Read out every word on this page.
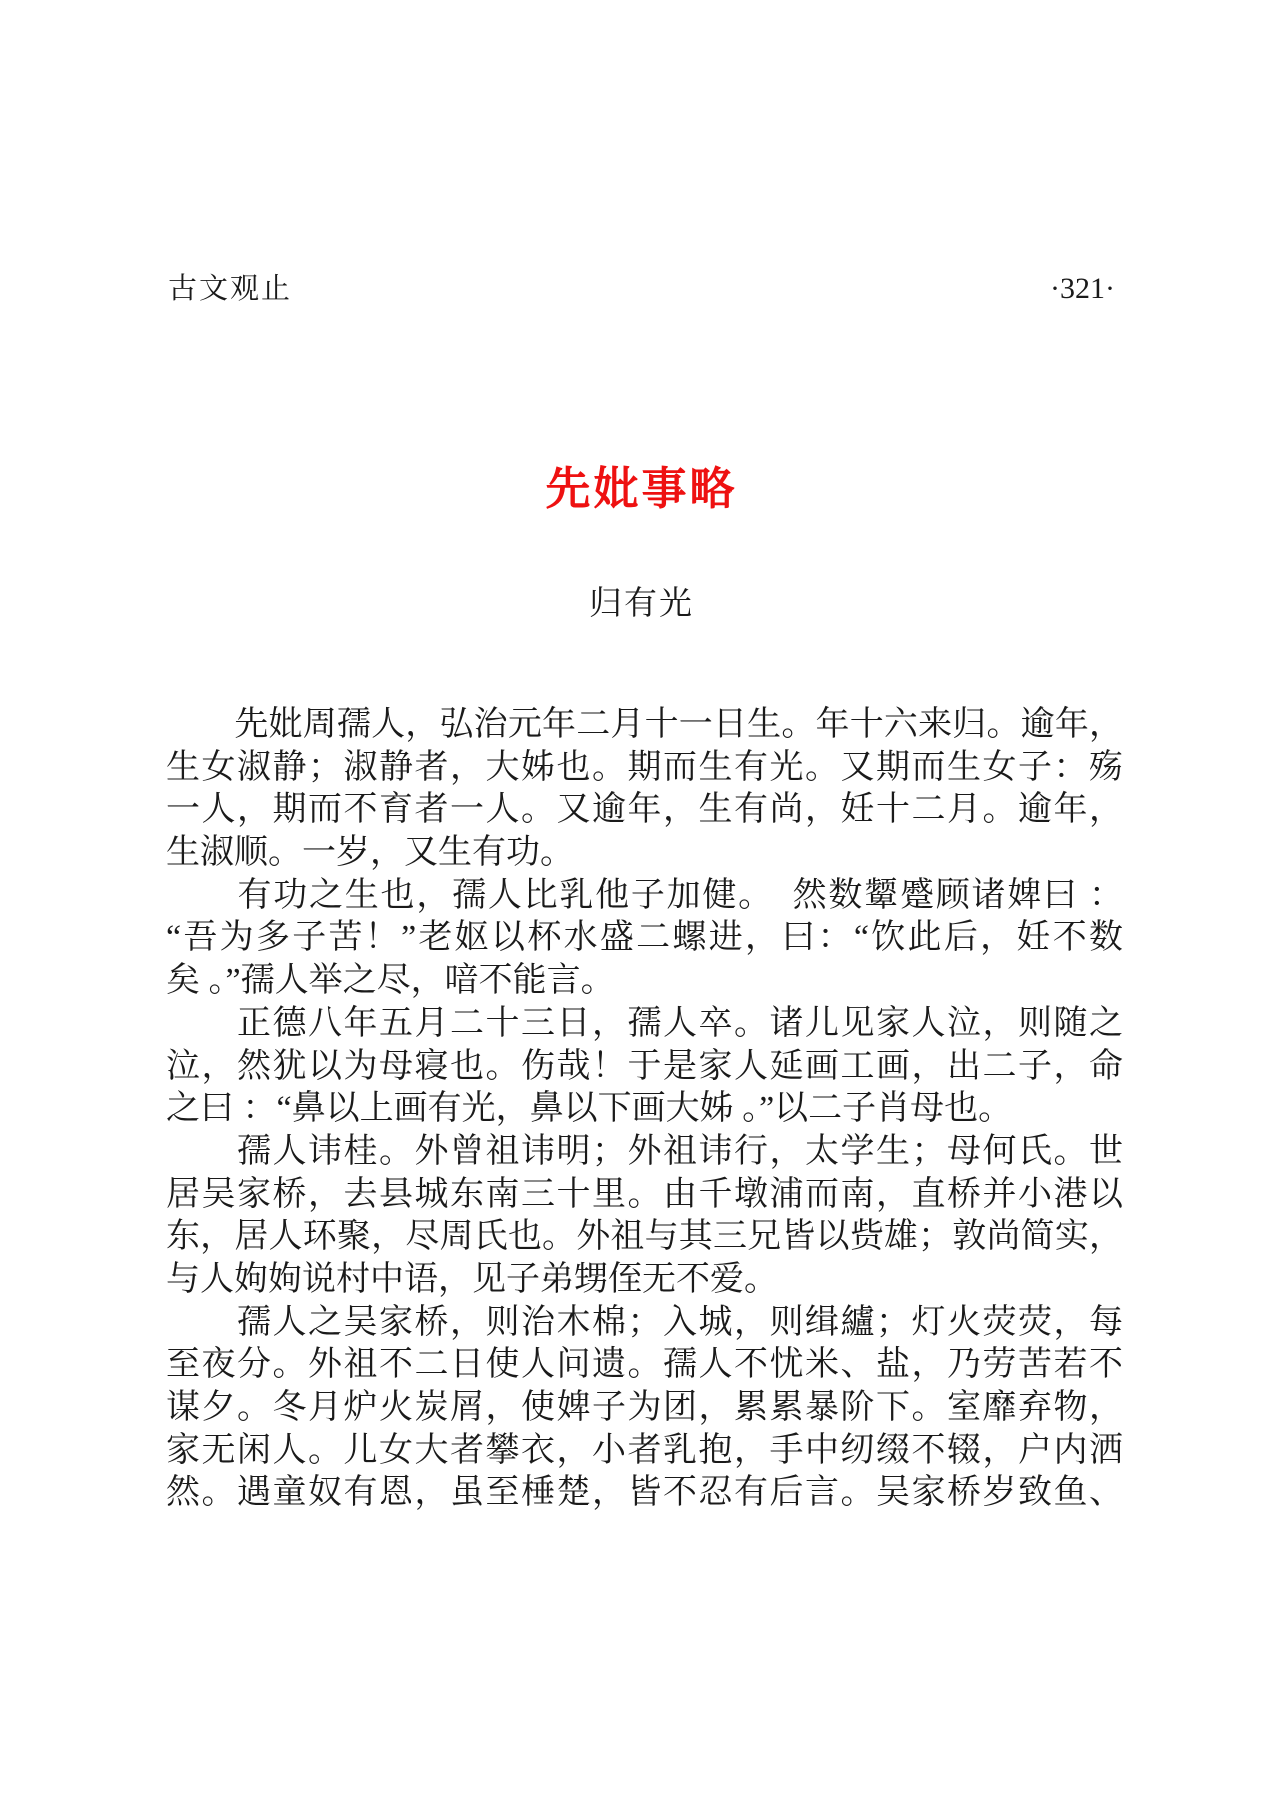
古文观止	·321·
先妣事略
归有光
　　先妣周孺人，弘治元年二月十一日生。年十六来归。逾年，
生女淑静；淑静者，大姊也。期而生有光。又期而生女子：殇
一人，期而不育者一人。又逾年，生有尚，妊十二月。逾年，
生淑顺。一岁，又生有功。
　　有功之生也，孺人比乳他子加健。　然数颦蹙顾诸婢曰 ：
“吾为多子苦！”老妪以杯水盛二螺进，曰：“饮此后，妊不数
矣 。”孺人举之尽，喑不能言。
　　正德八年五月二十三日，孺人卒。诸儿见家人泣，则随之
泣，然犹以为母寝也。伤哉！于是家人延画工画，出二子，命
之曰 ：“鼻以上画有光，鼻以下画大姊 。”以二子肖母也。
　　孺人讳桂。外曾祖讳明；外祖讳行，太学生；母何氏。世
居吴家桥，去县城东南三十里。由千墩浦而南，直桥并小港以
东，居人环聚，尽周氏也。外祖与其三兄皆以赀雄；敦尚简实，
与人姁姁说村中语，见子弟甥侄无不爱。
　　孺人之吴家桥，则治木棉；入城，则缉纑；灯火荧荧，每
至夜分。外祖不二日使人问遗。孺人不忧米、盐，乃劳苦若不
谋夕。冬月炉火炭屑，使婢子为团，累累暴阶下。室靡弃物，
家无闲人。儿女大者攀衣，小者乳抱，手中纫缀不辍，户内洒
然。遇童奴有恩，虽至棰楚，皆不忍有后言。吴家桥岁致鱼、
